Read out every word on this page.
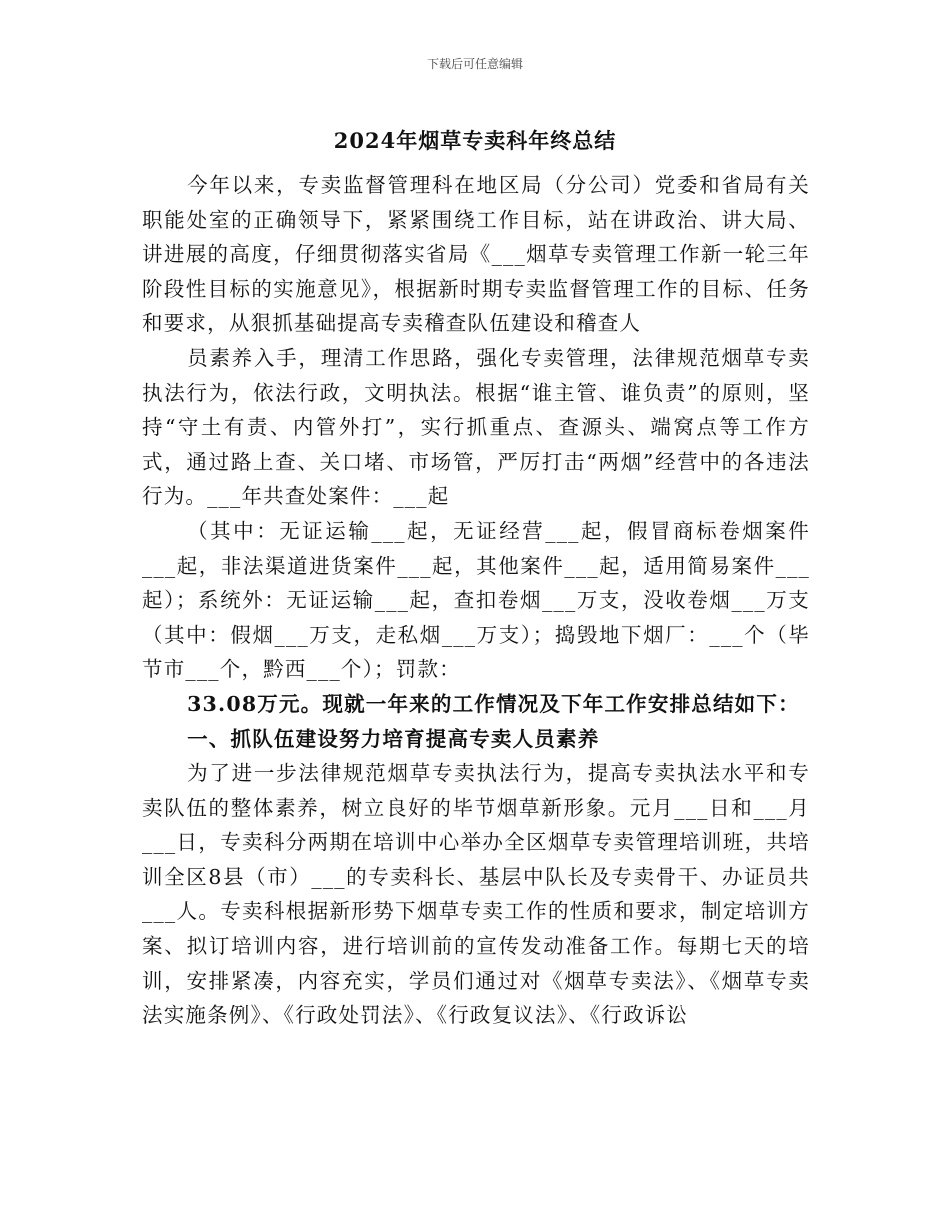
下载后可任意编辑
2024年烟草专卖科年终总结

今年以来，专卖监督管理科在地区局（分公司）党委和省局有关职能处室的正确领导下，紧紧围绕工作目标，站在讲政治、讲大局、讲进展的高度，仔细贯彻落实省局《___烟草专卖管理工作新一轮三年阶段性目标的实施意见》，根据新时期专卖监督管理工作的目标、任务和要求，从狠抓基础提高专卖稽查队伍建设和稽查人

员素养入手，理清工作思路，强化专卖管理，法律规范烟草专卖执法行为，依法行政，文明执法。根据“谁主管、谁负责”的原则，坚持“守土有责、内管外打”，实行抓重点、查源头、端窝点等工作方式，通过路上查、关口堵、市场管，严厉打击“两烟”经营中的各违法行为。___年共查处案件：___起

（其中：无证运输___起，无证经营___起，假冒商标卷烟案件___起，非法渠道进货案件___起，其他案件___起，适用简易案件___起）；系统外：无证运输___起，查扣卷烟___万支，没收卷烟___万支（其中：假烟___万支，走私烟___万支）；捣毁地下烟厂：___个（毕节市___个，黔西___个）；罚款：

33.08万元。现就一年来的工作情况及下年工作安排总结如下：

一、抓队伍建设努力培育提高专卖人员素养

为了进一步法律规范烟草专卖执法行为，提高专卖执法水平和专卖队伍的整体素养，树立良好的毕节烟草新形象。元月___日和___月___日，专卖科分两期在培训中心举办全区烟草专卖管理培训班，共培训全区8县（市）___的专卖科长、基层中队长及专卖骨干、办证员共___人。专卖科根据新形势下烟草专卖工作的性质和要求，制定培训方案、拟订培训内容，进行培训前的宣传发动准备工作。每期七天的培训，安排紧凑，内容充实，学员们通过对《烟草专卖法》、《烟草专卖法实施条例》、《行政处罚法》、《行政复议法》、《行政诉讼
